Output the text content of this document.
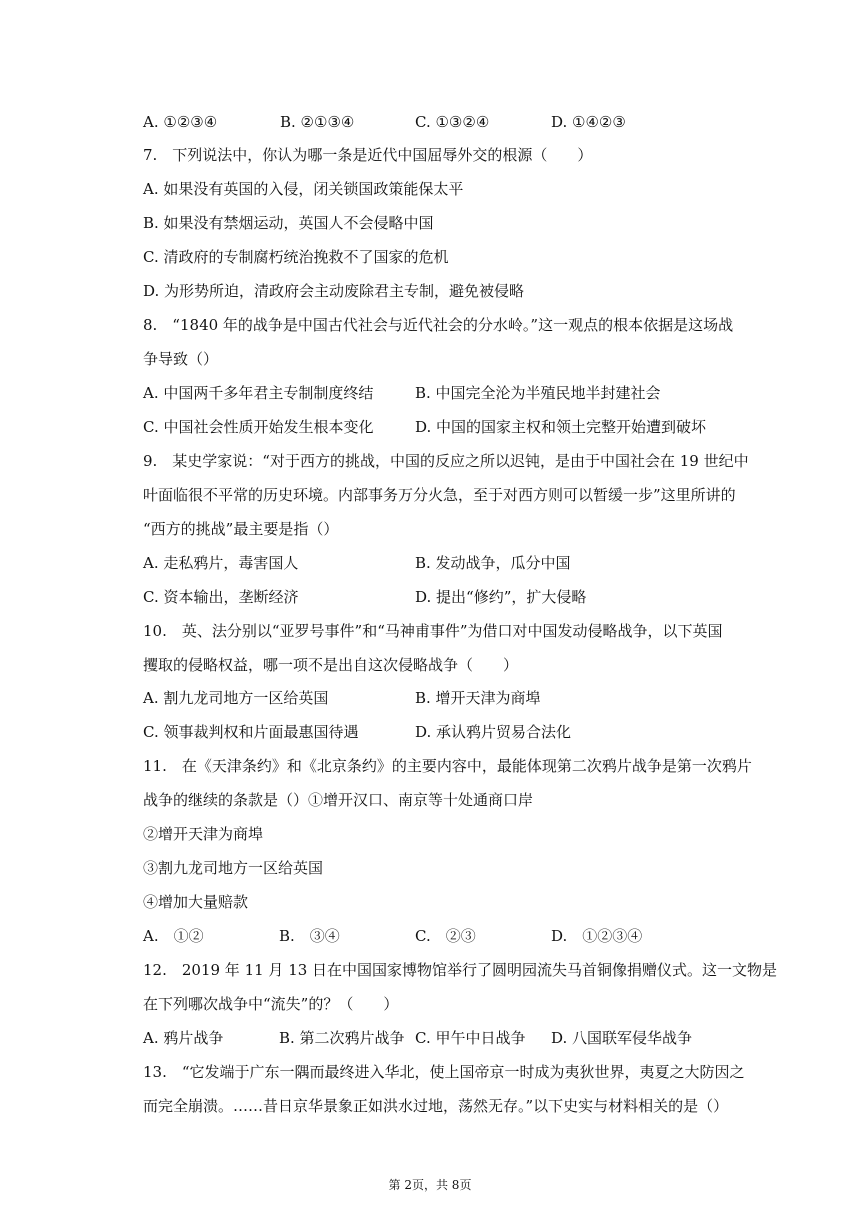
A. ①②③④	B. ②①③④	C. ①③②④	D. ①④②③
7.　下列说法中，你认为哪一条是近代中国屈辱外交的根源（　　）
A. 如果没有英国的入侵，闭关锁国政策能保太平
B. 如果没有禁烟运动，英国人不会侵略中国
C. 清政府的专制腐朽统治挽救不了国家的危机
D. 为形势所迫，清政府会主动废除君主专制，避免被侵略
8.　“1840 年的战争是中国古代社会与近代社会的分水岭。”这一观点的根本依据是这场战
争导致（）
A. 中国两千多年君主专制制度终结	B. 中国完全沦为半殖民地半封建社会
C. 中国社会性质开始发生根本变化	D. 中国的国家主权和领土完整开始遭到破坏
9.　某史学家说：“对于西方的挑战，中国的反应之所以迟钝，是由于中国社会在 19 世纪中
叶面临很不平常的历史环境。内部事务万分火急，至于对西方则可以暂缓一步”这里所讲的
“西方的挑战”最主要是指（）
A. 走私鸦片，毒害国人	B. 发动战争，瓜分中国
C. 资本输出，垄断经济	D. 提出“修约”，扩大侵略
10.　英、法分别以“亚罗号事件”和“马神甫事件”为借口对中国发动侵略战争，以下英国
攫取的侵略权益，哪一项不是出自这次侵略战争（　　）
A. 割九龙司地方一区给英国	B. 增开天津为商埠
C. 领事裁判权和片面最惠国待遇	D. 承认鸦片贸易合法化
11.　在《天津条约》和《北京条约》的主要内容中，最能体现第二次鸦片战争是第一次鸦片
战争的继续的条款是（）①增开汉口、南京等十处通商口岸
②增开天津为商埠
③割九龙司地方一区给英国
④增加大量赔款
A.　①②	B.　③④	C.　②③	D.　①②③④
12.　2019 年 11 月 13 日在中国国家博物馆举行了圆明园流失马首铜像捐赠仪式。这一文物是
在下列哪次战争中“流失”的？（　　）
A. 鸦片战争	B. 第二次鸦片战争 C. 甲午中日战争 D. 八国联军侵华战争
13.　“它发端于广东一隅而最终进入华北，使上国帝京一时成为夷狄世界，夷夏之大防因之
而完全崩溃。……昔日京华景象正如洪水过地，荡然无存。”以下史实与材料相关的是（）
第 2页，共 8页
